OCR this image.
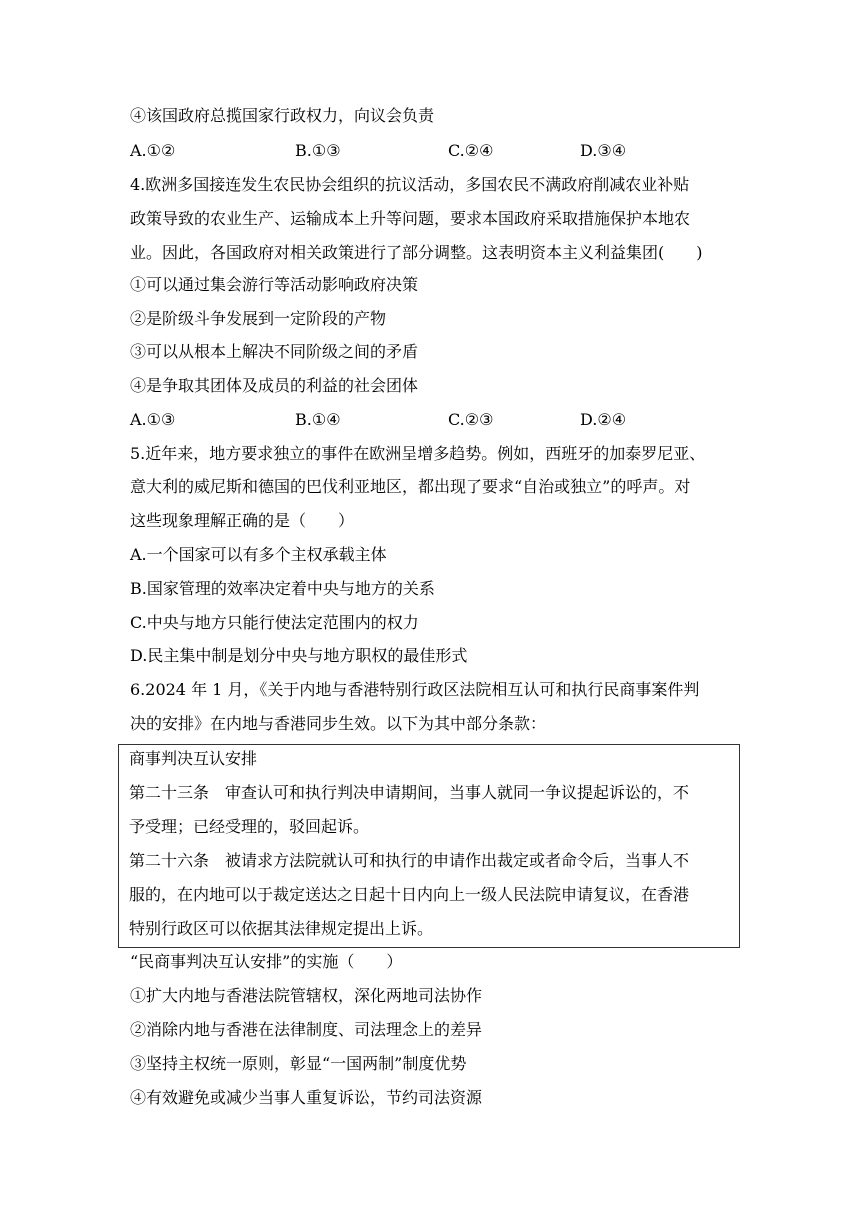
④该国政府总揽国家行政权力，向议会负责
A.①②	B.①③	C.②④	D.③④
4.欧洲多国接连发生农民协会组织的抗议活动，多国农民不满政府削减农业补贴
政策导致的农业生产、运输成本上升等问题，要求本国政府采取措施保护本地农
业。因此，各国政府对相关政策进行了部分调整。这表明资本主义利益集团(　　)
①可以通过集会游行等活动影响政府决策
②是阶级斗争发展到一定阶段的产物
③可以从根本上解决不同阶级之间的矛盾
④是争取其团体及成员的利益的社会团体
A.①③	B.①④	C.②③	D.②④
5.近年来，地方要求独立的事件在欧洲呈增多趋势。例如，西班牙的加泰罗尼亚、
意大利的威尼斯和德国的巴伐利亚地区，都出现了要求“自治或独立”的呼声。对
这些现象理解正确的是（　　）
A.一个国家可以有多个主权承载主体
B.国家管理的效率决定着中央与地方的关系
C.中央与地方只能行使法定范围内的权力
D.民主集中制是划分中央与地方职权的最佳形式
6.2024 年 1 月，《关于内地与香港特别行政区法院相互认可和执行民商事案件判
决的安排》在内地与香港同步生效。以下为其中部分条款：
商事判决互认安排
第二十三条　审查认可和执行判决申请期间，当事人就同一争议提起诉讼的，不
予受理；已经受理的，驳回起诉。
第二十六条　被请求方法院就认可和执行的申请作出裁定或者命令后，当事人不
服的，在内地可以于裁定送达之日起十日内向上一级人民法院申请复议，在香港
特别行政区可以依据其法律规定提出上诉。
“民商事判决互认安排”的实施（　　）
①扩大内地与香港法院管辖权，深化两地司法协作
②消除内地与香港在法律制度、司法理念上的差异
③坚持主权统一原则，彰显“一国两制”制度优势
④有效避免或减少当事人重复诉讼，节约司法资源
